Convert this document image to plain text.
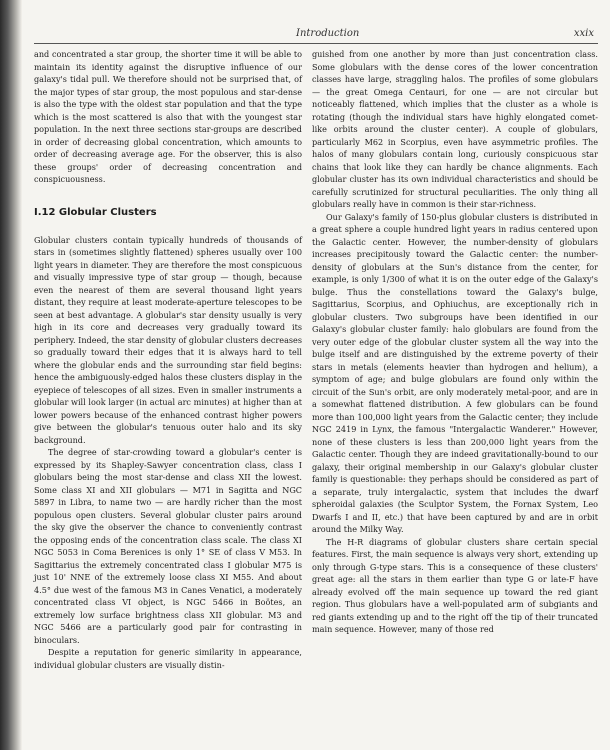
Introduction	xxix

and concentrated a star group, the shorter time it will be able to maintain its identity against the disruptive influence of our galaxy's tidal pull. We therefore should not be surprised that, of the major types of star group, the most populous and star-dense is also the type with the oldest star population and that the type which is the most scattered is also that with the youngest star population. In the next three sections star-groups are described in order of decreasing global concentration, which amounts to order of decreasing average age. For the observer, this is also these groups' order of decreasing concentration and conspicuousness.

I.12 Globular Clusters

Globular clusters contain typically hundreds of thousands of stars in (sometimes slightly flattened) spheres usually over 100 light years in diameter. They are therefore the most conspicuous and visually impressive type of star group — though, because even the nearest of them are several thousand light years distant, they require at least moderate-aperture telescopes to be seen at best advantage. A globular's star density usually is very high in its core and decreases very gradually toward its periphery. Indeed, the star density of globular clusters decreases so gradually toward their edges that it is always hard to tell where the globular ends and the surrounding star field begins: hence the ambiguously-edged halos these clusters display in the eyepiece of telescopes of all sizes. Even in smaller instruments a globular will look larger (in actual arc minutes) at higher than at lower powers because of the enhanced contrast higher powers give between the globular's tenuous outer halo and its sky background.

The degree of star-crowding toward a globular's center is expressed by its Shapley-Sawyer concentration class, class I globulars being the most star-dense and class XII the lowest. Some class XI and XII globulars — M71 in Sagitta and NGC 5897 in Libra, to name two — are hardly richer than the most populous open clusters. Several globular cluster pairs around the sky give the observer the chance to conveniently contrast the opposing ends of the concentration class scale. The class XI NGC 5053 in Coma Berenices is only 1° SE of class V M53. In Sagittarius the extremely concentrated class I globular M75 is just 10' NNE of the extremely loose class XI M55. And about 4.5° due west of the famous M3 in Canes Venatici, a moderately concentrated class VI object, is NGC 5466 in Boötes, an extremely low surface brightness class XII globular. M3 and NGC 5466 are a particularly good pair for contrasting in binoculars.

Despite a reputation for generic similarity in appearance, individual globular clusters are visually distin-

guished from one another by more than just concentration class. Some globulars with the dense cores of the lower concentration classes have large, straggling halos. The profiles of some globulars — the great Omega Centauri, for one — are not circular but noticeably flattened, which implies that the cluster as a whole is rotating (though the individual stars have highly elongated comet-like orbits around the cluster center). A couple of globulars, particularly M62 in Scorpius, even have asymmetric profiles. The halos of many globulars contain long, curiously conspicuous star chains that look like they can hardly be chance alignments. Each globular cluster has its own individual characteristics and should be carefully scrutinized for structural peculiarities. The only thing all globulars really have in common is their star-richness.

Our Galaxy's family of 150-plus globular clusters is distributed in a great sphere a couple hundred light years in radius centered upon the Galactic center. However, the number-density of globulars increases precipitously toward the Galactic center: the number-density of globulars at the Sun's distance from the center, for example, is only 1/300 of what it is on the outer edge of the Galaxy's bulge. Thus the constellations toward the Galaxy's bulge, Sagittarius, Scorpius, and Ophiuchus, are exceptionally rich in globular clusters. Two subgroups have been identified in our Galaxy's globular cluster family: halo globulars are found from the very outer edge of the globular cluster system all the way into the bulge itself and are distinguished by the extreme poverty of their stars in metals (elements heavier than hydrogen and helium), a symptom of age; and bulge globulars are found only within the circuit of the Sun's orbit, are only moderately metal-poor, and are in a somewhat flattened distribution. A few globulars can be found more than 100,000 light years from the Galactic center; they include NGC 2419 in Lynx, the famous "Intergalactic Wanderer." However, none of these clusters is less than 200,000 light years from the Galactic center. Though they are indeed gravitationally-bound to our galaxy, their original membership in our Galaxy's globular cluster family is questionable: they perhaps should be considered as part of a separate, truly intergalactic, system that includes the dwarf spheroidal galaxies (the Sculptor System, the Fornax System, Leo Dwarfs I and II, etc.) that have been captured by and are in orbit around the Milky Way.

The H-R diagrams of globular clusters share certain special features. First, the main sequence is always very short, extending up only through G-type stars. This is a consequence of these clusters' great age: all the stars in them earlier than type G or late-F have already evolved off the main sequence up toward the red giant region. Thus globulars have a well-populated arm of subgiants and red giants extending up and to the right off the tip of their truncated main sequence. However, many of those red
